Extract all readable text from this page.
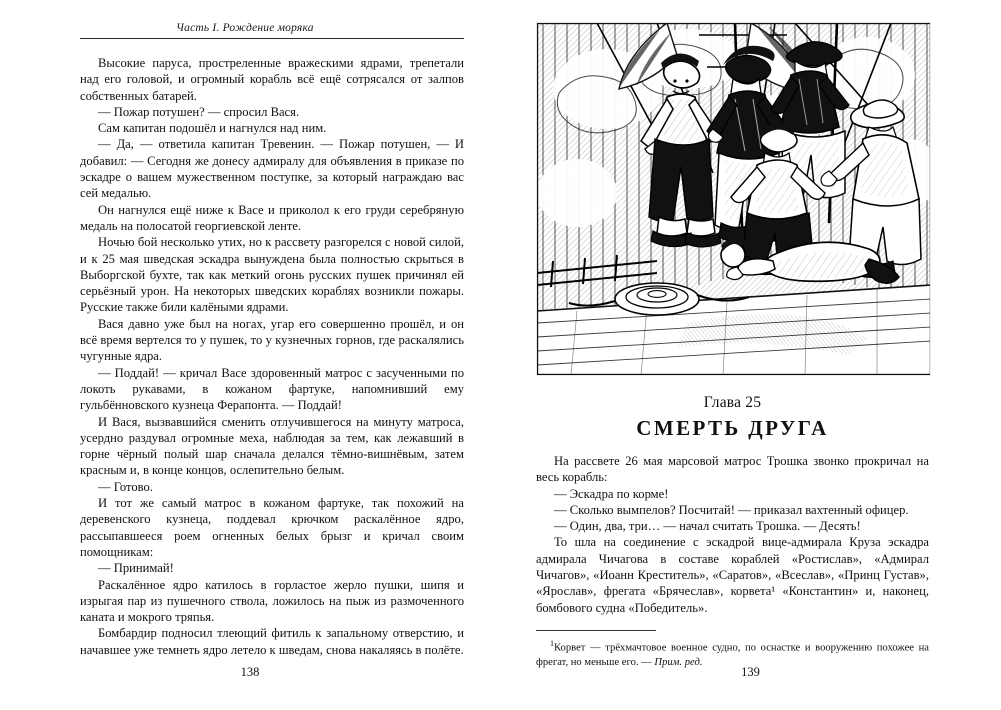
Часть I. Рождение моряка

Высокие паруса, простреленные вражескими ядрами, трепетали над его головой, и огромный корабль всё ещё сотрясался от залпов собственных батарей.

— Пожар потушен? — спросил Вася.

Сам капитан подошёл и нагнулся над ним.

— Да, — ответила капитан Тревенин. — Пожар потушен, — И добавил: — Сегодня же донесу адмиралу для объявления в приказе по эскадре о вашем мужественном поступке, за который награждаю вас сей медалью.

Он нагнулся ещё ниже к Васе и приколол к его груди серебряную медаль на полосатой георгиевской ленте.

Ночью бой несколько утих, но к рассвету разгорелся с новой силой, и к 25 мая шведская эскадра вынуждена была полностью скрыться в Выборгской бухте, так как меткий огонь русских пушек причинял ей серьёзный урон. На некоторых шведских кораблях возникли пожары. Русские также били калёными ядрами.

Вася давно уже был на ногах, угар его совершенно прошёл, и он всё время вертелся то у пушек, то у кузнечных горнов, где раскалялись чугунные ядра.

— Поддай! — кричал Васе здоровенный матрос с засученными по локоть рукавами, в кожаном фартуке, напомнивший ему гульбённовского кузнеца Ферапонта. — Поддай!

И Вася, вызвавшийся сменить отлучившегося на минуту матроса, усердно раздувал огромные меха, наблюдая за тем, как лежавший в горне чёрный полый шар сначала делался тёмно-вишнёвым, затем красным и, в конце концов, ослепительно белым.

— Готово.

И тот же самый матрос в кожаном фартуке, так похожий на деревенского кузнеца, поддевал крючком раскалённое ядро, рассыпавшееся роем огненных белых брызг и кричал своим помощникам:

— Принимай!

Раскалённое ядро катилось в горластое жерло пушки, шипя и изрыгая пар из пушечного ствола, ложилось на пыж из размоченного каната и мокрого тряпья.

Бомбардир подносил тлеющий фитиль к запальному отверстию, и начавшее уже темнеть ядро летело к шведам, снова накаляясь в полёте.

138
Глава 25
СМЕРТЬ ДРУГА

На рассвете 26 мая марсовой матрос Трошка звонко прокричал на весь корабль:

— Эскадра по корме!

— Сколько вымпелов? Посчитай! — приказал вахтенный офицер.

— Один, два, три… — начал считать Трошка. — Десять!

То шла на соединение с эскадрой вице-адмирала Круза эскадра адмирала Чичагова в составе кораблей «Ростислав», «Адмирал Чичагов», «Иоанн Креститель», «Саратов», «Всеслав», «Принц Густав», «Ярослав», фрегата «Брячеслав», корвета¹ «Константин» и, наконец, бомбового судна «Победитель».

$^1$Корвет — трёхмачтовое военное судно, по оснастке и вооружению похожее на фрегат, но меньше его. — Прим. ред.

139
